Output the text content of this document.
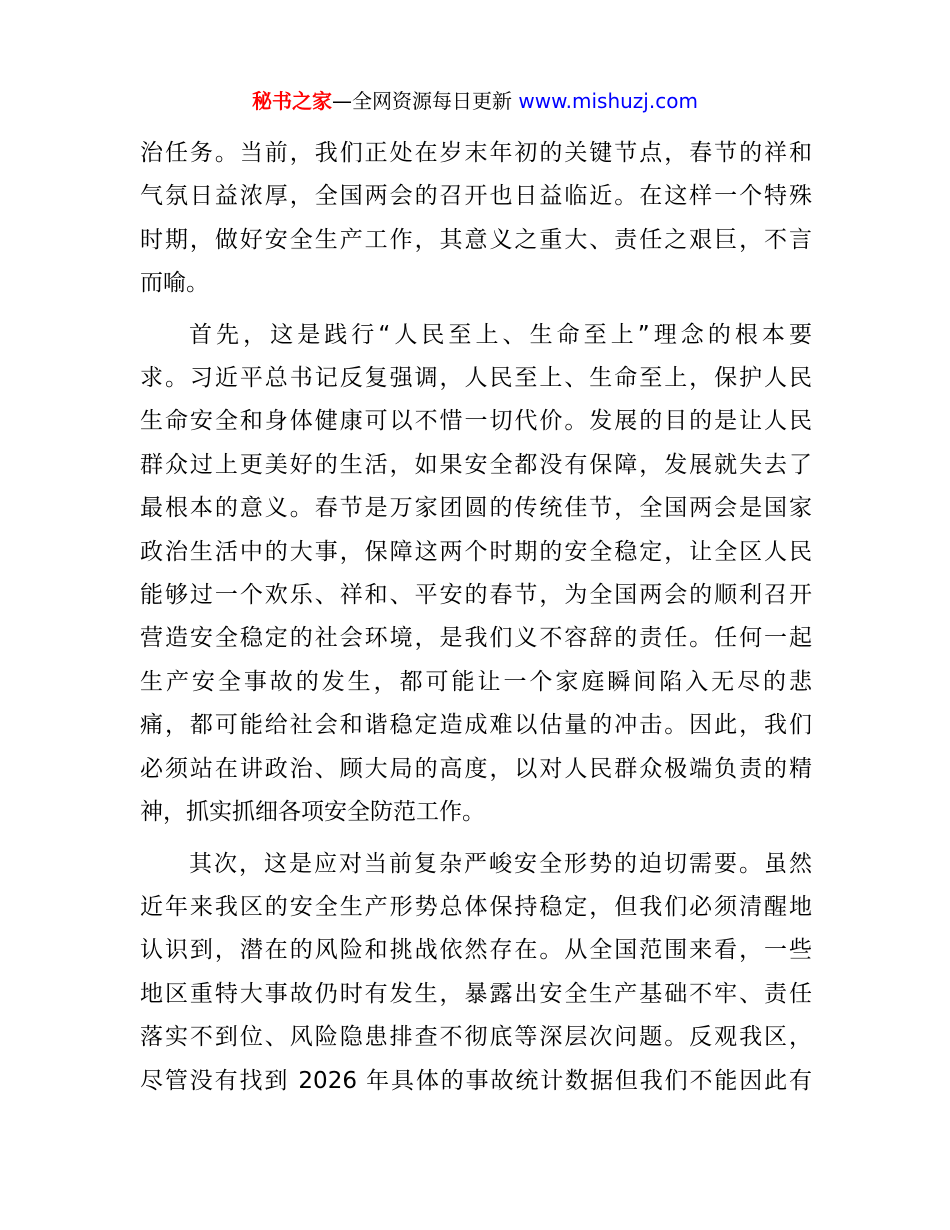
秘书之家—全网资源每日更新 www.mishuzj.com
治任务。当前，我们正处在岁末年初的关键节点，春节的祥和
气氛日益浓厚，全国两会的召开也日益临近。在这样一个特殊
时期，做好安全生产工作，其意义之重大、责任之艰巨，不言
而喻。
首先，这是践行“人民至上、生命至上”理念的根本要
求。习近平总书记反复强调，人民至上、生命至上，保护人民
生命安全和身体健康可以不惜一切代价。发展的目的是让人民
群众过上更美好的生活，如果安全都没有保障，发展就失去了
最根本的意义。春节是万家团圆的传统佳节，全国两会是国家
政治生活中的大事，保障这两个时期的安全稳定，让全区人民
能够过一个欢乐、祥和、平安的春节，为全国两会的顺利召开
营造安全稳定的社会环境，是我们义不容辞的责任。任何一起
生产安全事故的发生，都可能让一个家庭瞬间陷入无尽的悲
痛，都可能给社会和谐稳定造成难以估量的冲击。因此，我们
必须站在讲政治、顾大局的高度，以对人民群众极端负责的精
神，抓实抓细各项安全防范工作。
其次，这是应对当前复杂严峻安全形势的迫切需要。虽然
近年来我区的安全生产形势总体保持稳定，但我们必须清醒地
认识到，潜在的风险和挑战依然存在。从全国范围来看，一些
地区重特大事故仍时有发生，暴露出安全生产基础不牢、责任
落实不到位、风险隐患排查不彻底等深层次问题。反观我区，
尽管没有找到 2026 年具体的事故统计数据但我们不能因此有
